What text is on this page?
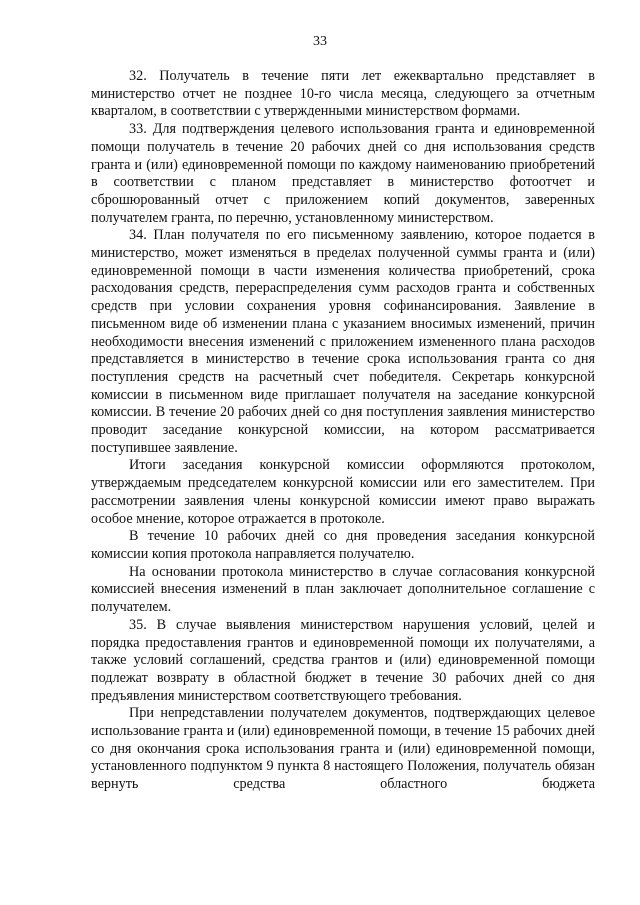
33

32. Получатель в течение пяти лет ежеквартально представляет в министерство отчет не позднее 10-го числа месяца, следующего за отчетным кварталом, в соответствии с утвержденными министерством формами.

33. Для подтверждения целевого использования гранта и единовременной помощи получатель в течение 20 рабочих дней со дня использования средств гранта и (или) единовременной помощи по каждому наименованию приобретений в соответствии с планом представляет в министерство фотоотчет и сброшюрованный отчет с приложением копий документов, заверенных получателем гранта, по перечню, установленному министерством.

34. План получателя по его письменному заявлению, которое подается в министерство, может изменяться в пределах полученной суммы гранта и (или) единовременной помощи в части изменения количества приобретений, срока расходования средств, перераспределения сумм расходов гранта и собственных средств при условии сохранения уровня софинансирования. Заявление в письменном виде об изменении плана с указанием вносимых изменений, причин необходимости внесения изменений с приложением измененного плана расходов представляется в министерство в течение срока использования гранта со дня поступления средств на расчетный счет победителя. Секретарь конкурсной комиссии в письменном виде приглашает получателя на заседание конкурсной комиссии. В течение 20 рабочих дней со дня поступления заявления министерство проводит заседание конкурсной комиссии, на котором рассматривается поступившее заявление.

Итоги заседания конкурсной комиссии оформляются протоколом, утверждаемым председателем конкурсной комиссии или его заместителем. При рассмотрении заявления члены конкурсной комиссии имеют право выражать особое мнение, которое отражается в протоколе.

В течение 10 рабочих дней со дня проведения заседания конкурсной комиссии копия протокола направляется получателю.

На основании протокола министерство в случае согласования конкурсной комиссией внесения изменений в план заключает дополнительное соглашение с получателем.

35. В случае выявления министерством нарушения условий, целей и порядка предоставления грантов и единовременной помощи их получателями, а также условий соглашений, средства грантов и (или) единовременной помощи подлежат возврату в областной бюджет в течение 30 рабочих дней со дня предъявления министерством соответствующего требования.

При непредставлении получателем документов, подтверждающих целевое использование гранта и (или) единовременной помощи, в течение 15 рабочих дней со дня окончания срока использования гранта и (или) единовременной помощи, установленного подпунктом 9 пункта 8 настоящего Положения, получатель обязан вернуть средства областного бюджета
